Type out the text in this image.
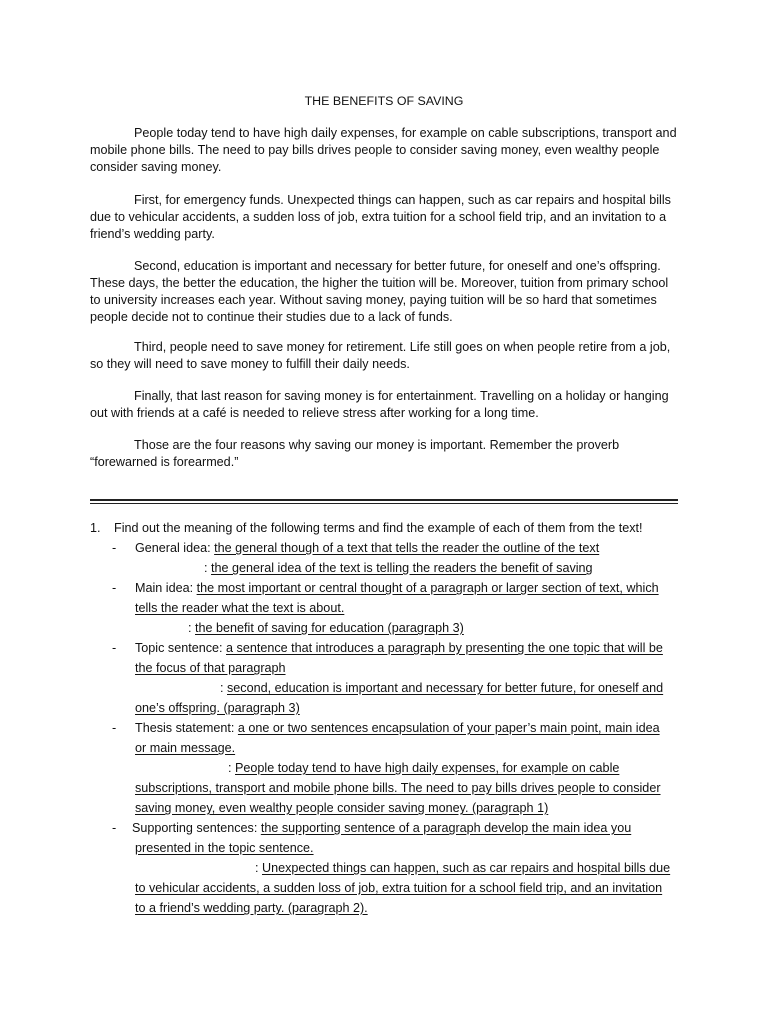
THE BENEFITS OF SAVING

People today tend to have high daily expenses, for example on cable subscriptions, transport and mobile phone bills. The need to pay bills drives people to consider saving money, even wealthy people consider saving money.

First, for emergency funds. Unexpected things can happen, such as car repairs and hospital bills due to vehicular accidents, a sudden loss of job, extra tuition for a school field trip, and an invitation to a friend’s wedding party.

Second, education is important and necessary for better future, for oneself and one’s offspring. These days, the better the education, the higher the tuition will be. Moreover, tuition from primary school to university increases each year. Without saving money, paying tuition will be so hard that sometimes people decide not to continue their studies due to a lack of funds.

Third, people need to save money for retirement. Life still goes on when people retire from a job, so they will need to save money to fulfill their daily needs.

Finally, that last reason for saving money is for entertainment. Travelling on a holiday or hanging out with friends at a café is needed to relieve stress after working for a long time.

Those are the four reasons why saving our money is important. Remember the proverb “forewarned is forearmed.”

1. Find out the meaning of the following terms and find the example of each of them from the text!
- General idea: the general though of a text that tells the reader the outline of the text
: the general idea of the text is telling the readers the benefit of saving
- Main idea: the most important or central thought of a paragraph or larger section of text, which
tells the reader what the text is about.
: the benefit of saving for education (paragraph 3)
- Topic sentence: a sentence that introduces a paragraph by presenting the one topic that will be
the focus of that paragraph
: second, education is important and necessary for better future, for oneself and
one’s offspring. (paragraph 3)
- Thesis statement: a one or two sentences encapsulation of your paper’s main point, main idea
or main message.
: People today tend to have high daily expenses, for example on cable
subscriptions, transport and mobile phone bills. The need to pay bills drives people to consider
saving money, even wealthy people consider saving money. (paragraph 1)
- Supporting sentences: the supporting sentence of a paragraph develop the main idea you
presented in the topic sentence.
: Unexpected things can happen, such as car repairs and hospital bills due
to vehicular accidents, a sudden loss of job, extra tuition for a school field trip, and an invitation
to a friend’s wedding party. (paragraph 2).
